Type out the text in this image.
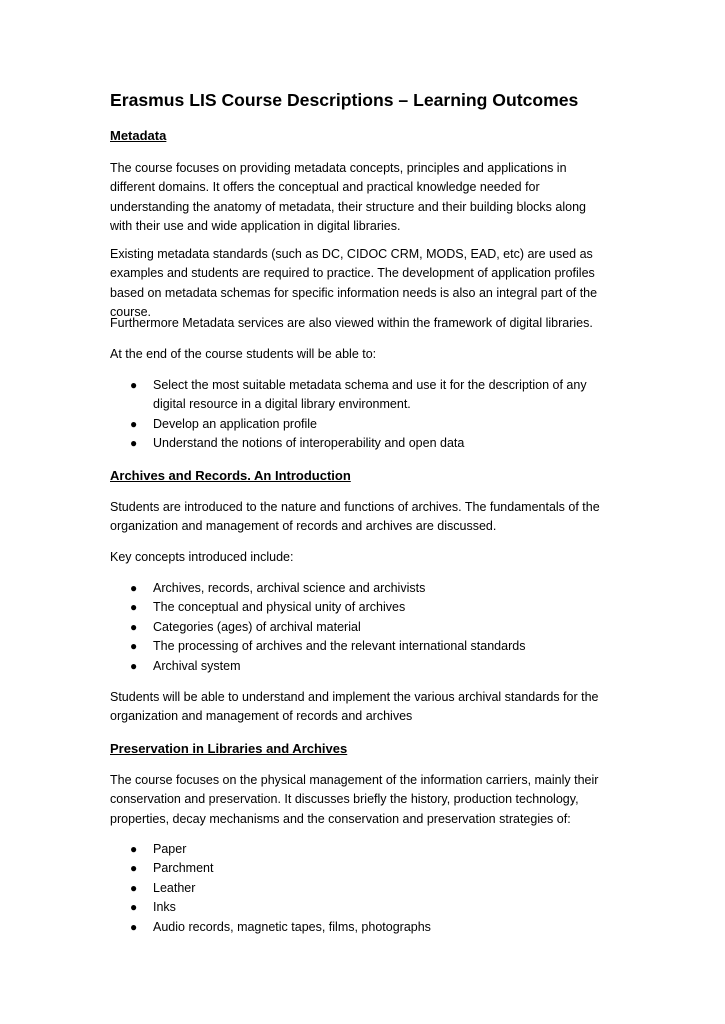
Erasmus LIS Course Descriptions – Learning Outcomes
Metadata

The course focuses on providing metadata concepts, principles and applications in different domains. It offers the conceptual and practical knowledge needed for understanding the anatomy of metadata, their structure and their building blocks along with their use and wide application in digital libraries.

Existing metadata standards (such as DC, CIDOC CRM, MODS, EAD, etc) are used as examples and students are required to practice. The development of application profiles based on metadata schemas for specific information needs is also an integral part of the course.

Furthermore Metadata services are also viewed within the framework of digital libraries.

At the end of the course students will be able to:

● Select the most suitable metadata schema and use it for the description of any digital resource in a digital library environment.
● Develop an application profile
● Understand the notions of interoperability and open data
Archives and Records. An Introduction

Students are introduced to the nature and functions of archives. The fundamentals of the organization and management of records and archives are discussed.

Key concepts introduced include:

● Archives, records, archival science and archivists
● The conceptual and physical unity of archives
● Categories (ages) of archival material
● The processing of archives and the relevant international standards
● Archival system

Students will be able to understand and implement the various archival standards for the organization and management of records and archives

Preservation in Libraries and Archives

The course focuses on the physical management of the information carriers, mainly their conservation and preservation. It discusses briefly the history, production technology, properties, decay mechanisms and the conservation and preservation strategies of:

● Paper
● Parchment
● Leather
● Inks
● Audio records, magnetic tapes, films, photographs
